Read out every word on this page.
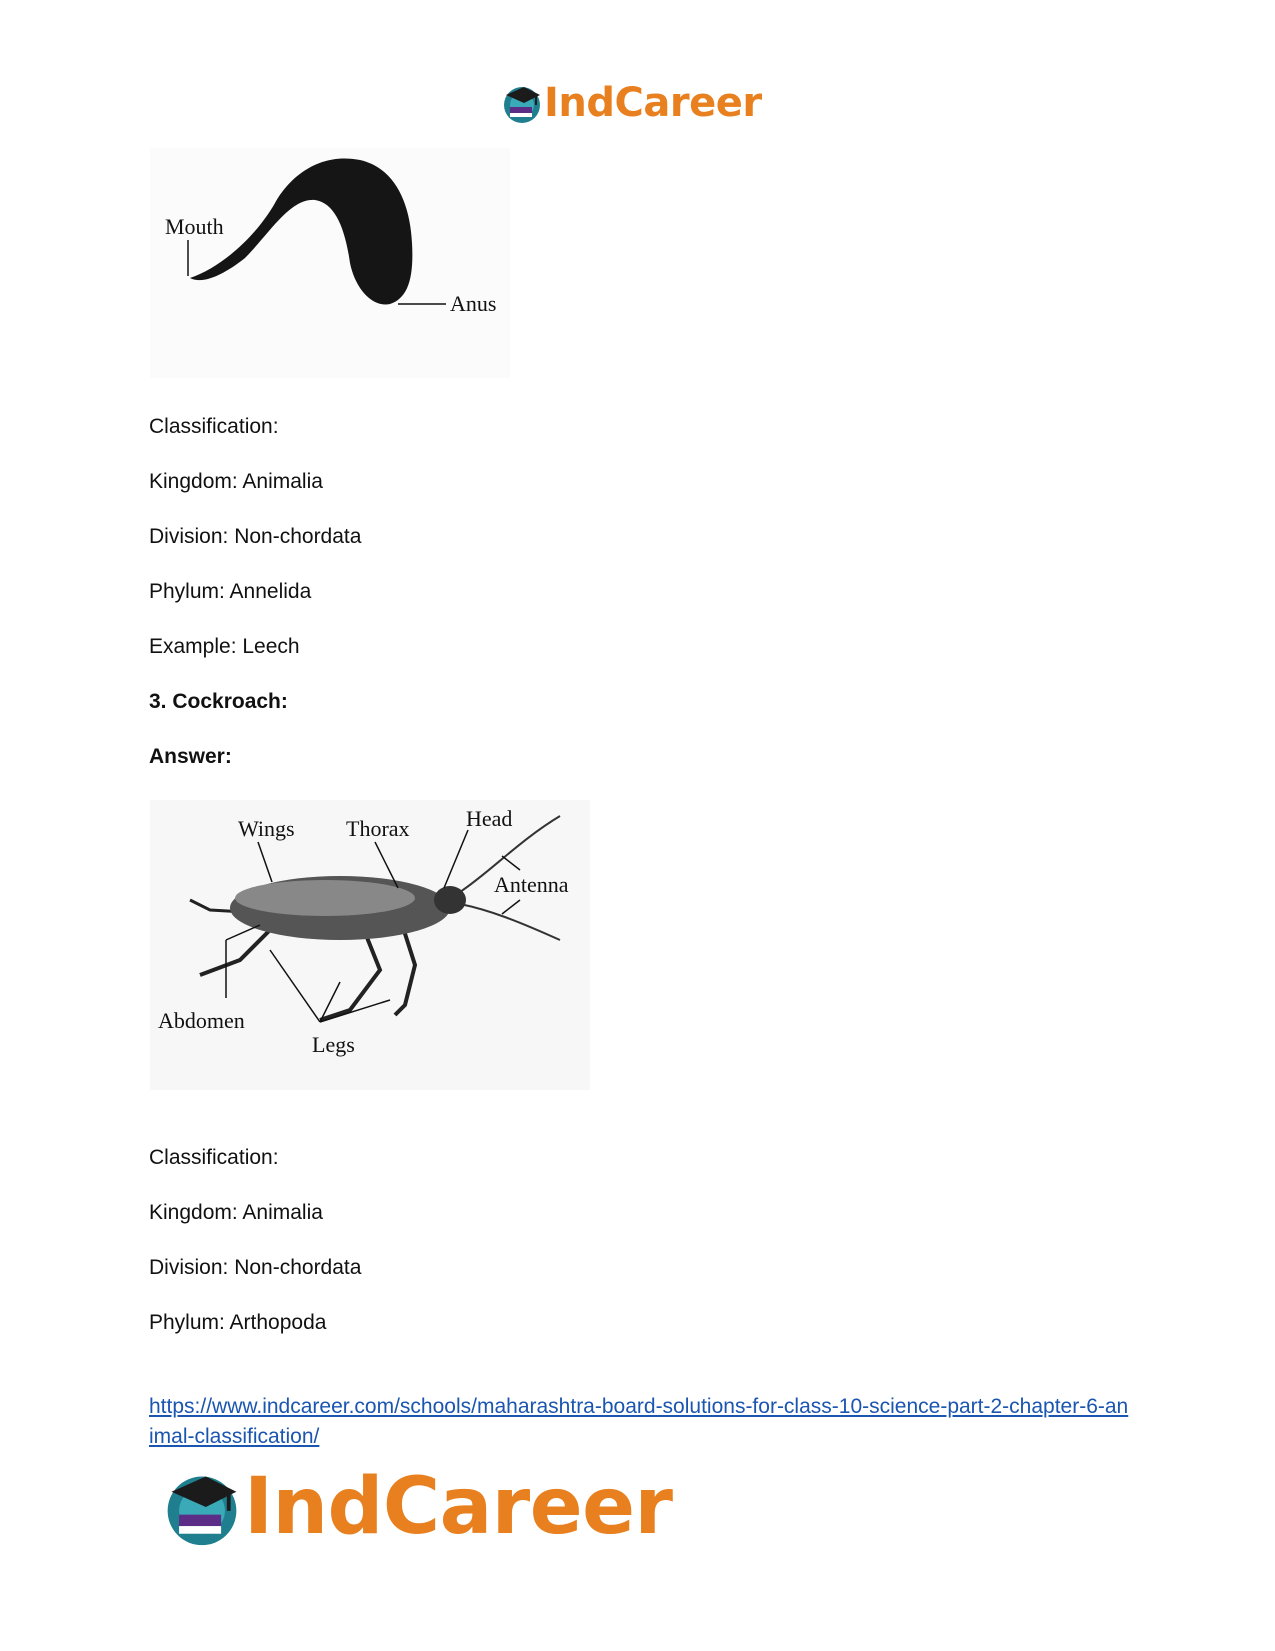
IndCareer
Mouth
Anus
Classification:
Kingdom: Animalia
Division: Non-chordata
Phylum: Annelida
Example: Leech
3. Cockroach:
Answer:
Wings Thorax	Head
Antenna
Abdomen
Legs
Classification:
Kingdom: Animalia
Division: Non-chordata
Phylum: Arthopoda
https://www.indcareer.com/schools/maharashtra-board-solutions-for-class-10-science-part-2-chapter-6-animal-classification/
IndCareer
